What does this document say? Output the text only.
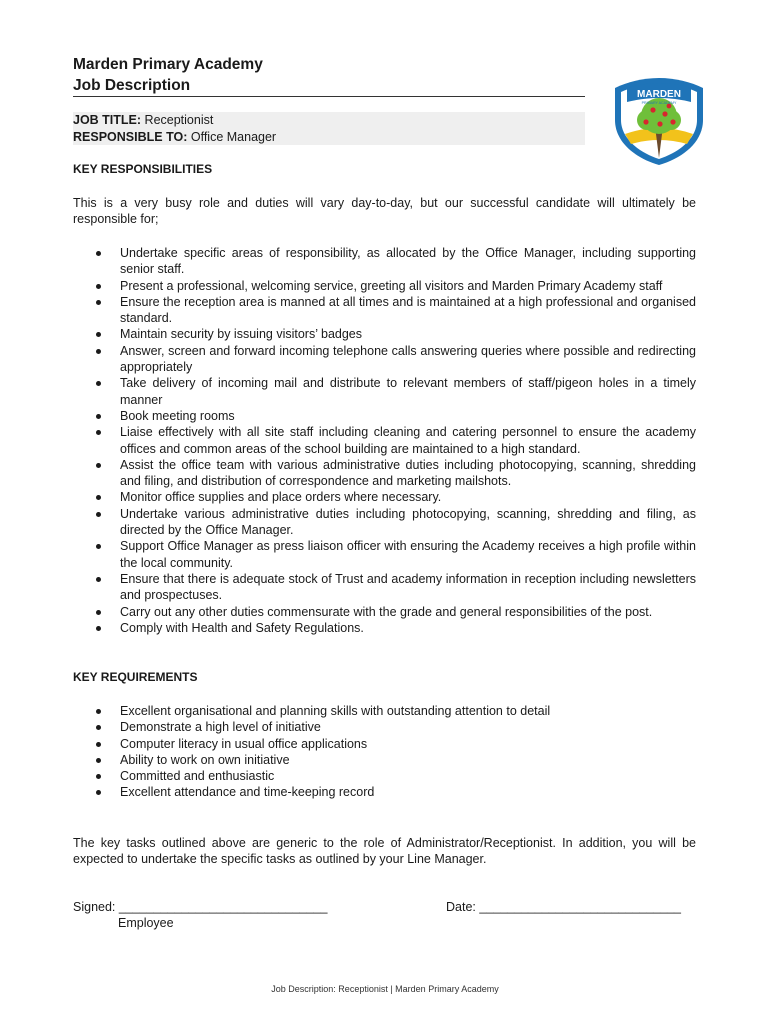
Marden Primary Academy

Job Description

MARDEN
PRIMARY ACADEMY
JOB TITLE: Receptionist
RESPONSIBLE TO: Office Manager
KEY RESPONSIBILITIES
This is a very busy role and duties will vary day-to-day, but our successful candidate will ultimately be responsible for;
Undertake specific areas of responsibility, as allocated by the Office Manager, including supporting senior staff.
Present a professional, welcoming service, greeting all visitors and Marden Primary Academy staff
Ensure the reception area is manned at all times and is maintained at a high professional and organised standard.
Maintain security by issuing visitors’ badges
Answer, screen and forward incoming telephone calls answering queries where possible and redirecting appropriately
Take delivery of incoming mail and distribute to relevant members of staff/pigeon holes in a timely manner
Book meeting rooms
Liaise effectively with all site staff including cleaning and catering personnel to ensure the academy offices and common areas of the school building are maintained to a high standard.
Assist the office team with various administrative duties including photocopying, scanning, shredding and filing, and distribution of correspondence and marketing mailshots.
Monitor office supplies and place orders where necessary.
Undertake various administrative duties including photocopying, scanning, shredding and filing, as directed by the Office Manager.
Support Office Manager as press liaison officer with ensuring the Academy receives a high profile within the local community.
Ensure that there is adequate stock of Trust and academy information in reception including newsletters and prospectuses.
Carry out any other duties commensurate with the grade and general responsibilities of the post.
Comply with Health and Safety Regulations.
KEY REQUIREMENTS
Excellent organisational and planning skills with outstanding attention to detail
Demonstrate a high level of initiative
Computer literacy in usual office applications
Ability to work on own initiative
Committed and enthusiastic
Excellent attendance and time-keeping record
The key tasks outlined above are generic to the role of Administrator/Receptionist. In addition, you will be expected to undertake the specific tasks as outlined by your Line Manager.
Signed: ______________________________
Employee
Date: _____________________________
Job Description: Receptionist | Marden Primary Academy
